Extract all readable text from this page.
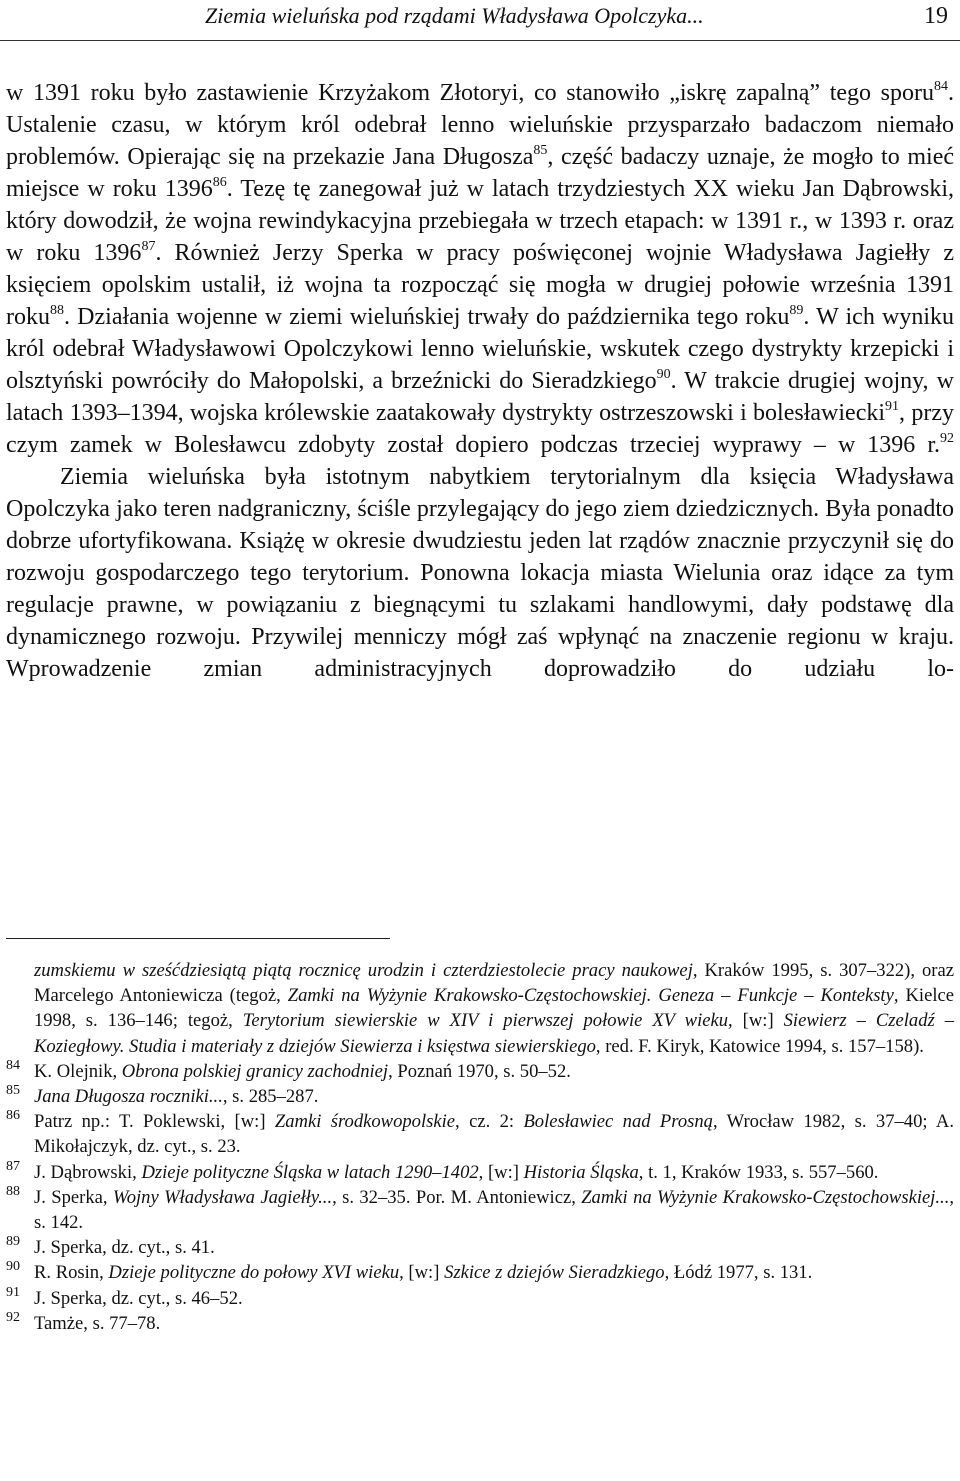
Ziemia wieluńska pod rządami Władysława Opolczyka...	19

w 1391 roku było zastawienie Krzyżakom Złotoryi, co stanowiło „iskrę zapalną” tego sporu$^{84}$. Ustalenie czasu, w którym król odebrał lenno wieluńskie przysparzało badaczom niemało problemów. Opierając się na przekazie Jana Długosza$^{85}$, część badaczy uznaje, że mogło to mieć miejsce w roku 1396$^{86}$. Tezę tę zanegował już w latach trzydziestych XX wieku Jan Dąbrowski, który dowodził, że wojna rewindykacyjna przebiegała w trzech etapach: w 1391 r., w 1393 r. oraz w roku 1396$^{87}$. Również Jerzy Sperka w pracy poświęconej wojnie Władysława Jagiełły z księciem opolskim ustalił, iż wojna ta rozpocząć się mogła w drugiej połowie września 1391 roku$^{88}$. Działania wojenne w ziemi wieluńskiej trwały do października tego roku$^{89}$. W ich wyniku król odebrał Władysławowi Opolczykowi lenno wieluńskie, wskutek czego dystrykty krzepicki i olsztyński powróciły do Małopolski, a brzeźnicki do Sieradzkiego$^{90}$. W trakcie drugiej wojny, w latach 1393–1394, wojska królewskie zaatakowały dystrykty ostrzeszowski i bolesławiecki$^{91}$, przy czym zamek w Bolesławcu zdobyty został dopiero podczas trzeciej wyprawy – w 1396 r.$^{92}$

Ziemia wieluńska była istotnym nabytkiem terytorialnym dla księcia Władysława Opolczyka jako teren nadgraniczny, ściśle przylegający do jego ziem dziedzicznych. Była ponadto dobrze ufortyfikowana. Książę w okresie dwudziestu jeden lat rządów znacznie przyczynił się do rozwoju gospodarczego tego terytorium. Ponowna lokacja miasta Wielunia oraz idące za tym regulacje prawne, w powiązaniu z biegnącymi tu szlakami handlowymi, dały podstawę dla dynamicznego rozwoju. Przywilej menniczy mógł zaś wpłynąć na znaczenie regionu w kraju. Wprowadzenie zmian administracyjnych doprowadziło do udziału lo-

zumskiemu w sześćdziesiątą piątą rocznicę urodzin i czterdziestolecie pracy naukowej, Kraków 1995, s. 307–322), oraz Marcelego Antoniewicza (tegoż, Zamki na Wyżynie Krakowsko-Częstochowskiej. Geneza – Funkcje – Konteksty, Kielce 1998, s. 136–146; tegoż, Terytorium siewierskie w XIV i pierwszej połowie XV wieku, [w:] Siewierz – Czeladź – Koziegłowy. Studia i materiały z dziejów Siewierza i księstwa siewierskiego, red. F. Kiryk, Katowice 1994, s. 157–158).
84 K. Olejnik, Obrona polskiej granicy zachodniej, Poznań 1970, s. 50–52.
85 Jana Długosza roczniki..., s. 285–287.
86 Patrz np.: T. Poklewski, [w:] Zamki środkowopolskie, cz. 2: Bolesławiec nad Prosną, Wrocław 1982, s. 37–40; A. Mikołajczyk, dz. cyt., s. 23.
87 J. Dąbrowski, Dzieje polityczne Śląska w latach 1290–1402, [w:] Historia Śląska, t. 1, Kraków 1933, s. 557–560.
88 J. Sperka, Wojny Władysława Jagiełły..., s. 32–35. Por. M. Antoniewicz, Zamki na Wyżynie Krakowsko-Częstochowskiej..., s. 142.
89 J. Sperka, dz. cyt., s. 41.
90 R. Rosin, Dzieje polityczne do połowy XVI wieku, [w:] Szkice z dziejów Sieradzkiego, Łódź 1977, s. 131.
91 J. Sperka, dz. cyt., s. 46–52.
92 Tamże, s. 77–78.
